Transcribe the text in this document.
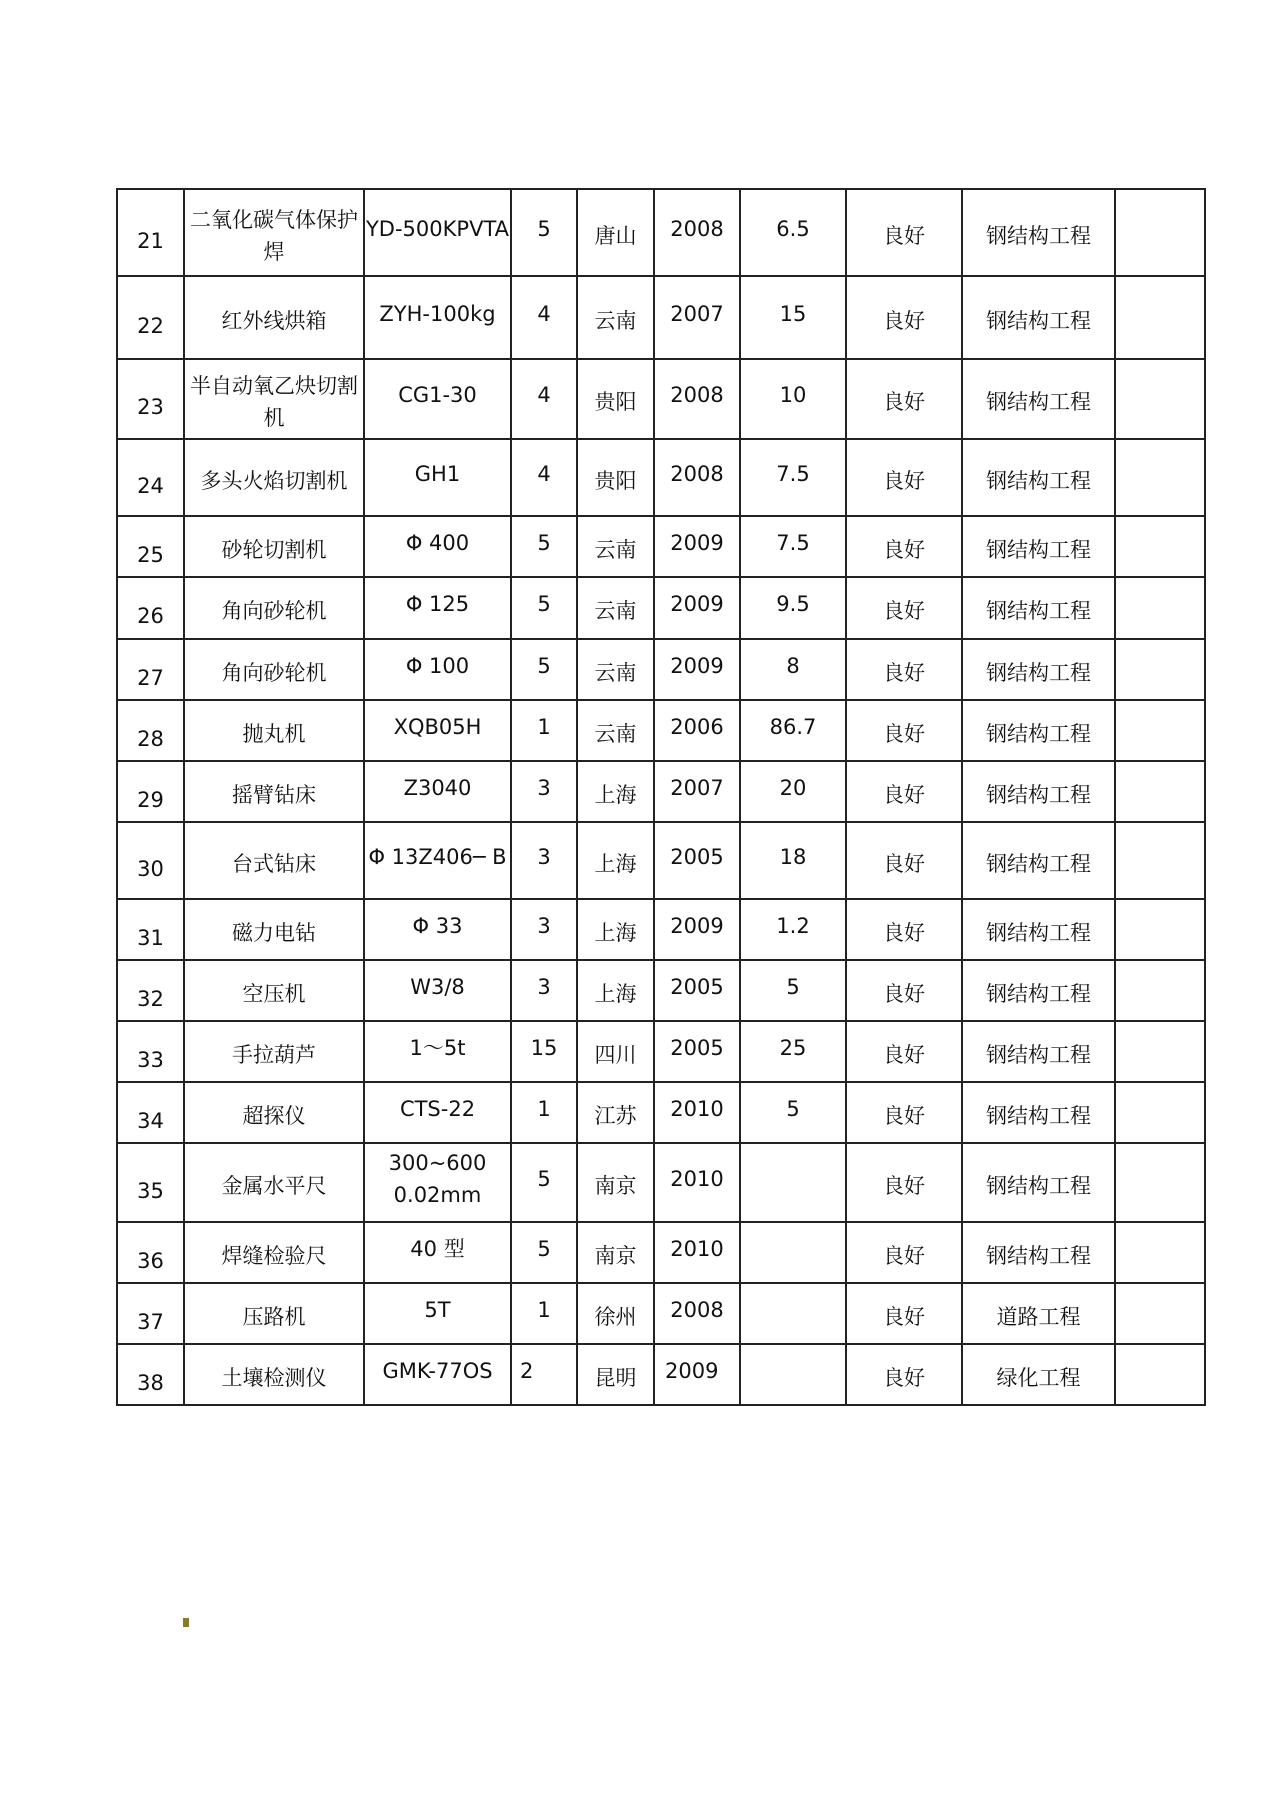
21	二氧化碳气体保护焊	YD-500KPVTA	5	唐山	2008	6.5	良好	钢结构工程	
22	红外线烘箱	ZYH-100kg	4	云南	2007	15	良好	钢结构工程	
23	半自动氧乙炔切割机	CG1-30	4	贵阳	2008	10	良好	钢结构工程	
24	多头火焰切割机	GH1	4	贵阳	2008	7.5	良好	钢结构工程	
25	砂轮切割机	Φ 400	5	云南	2009	7.5	良好	钢结构工程	
26	角向砂轮机	Φ 125	5	云南	2009	9.5	良好	钢结构工程	
27	角向砂轮机	Φ 100	5	云南	2009	8	良好	钢结构工程	
28	抛丸机	XQB05H	1	云南	2006	86.7	良好	钢结构工程	
29	摇臂钻床	Z3040	3	上海	2007	20	良好	钢结构工程	
30	台式钻床	Φ 13Z406─ B	3	上海	2005	18	良好	钢结构工程	
31	磁力电钻	Φ 33	3	上海	2009	1.2	良好	钢结构工程	
32	空压机	W3/8	3	上海	2005	5	良好	钢结构工程	
33	手拉葫芦	1～5t	15	四川	2005	25	良好	钢结构工程	
34	超探仪	CTS-22	1	江苏	2010	5	良好	钢结构工程	
35	金属水平尺	300~600 0.02mm	5	南京	2010		良好	钢结构工程	
36	焊缝检验尺	40 型	5	南京	2010		良好	钢结构工程	
37	压路机	5T	1	徐州	2008		良好	道路工程	
38	土壤检测仪	GMK-77OS	2	昆明	2009		良好	绿化工程	
